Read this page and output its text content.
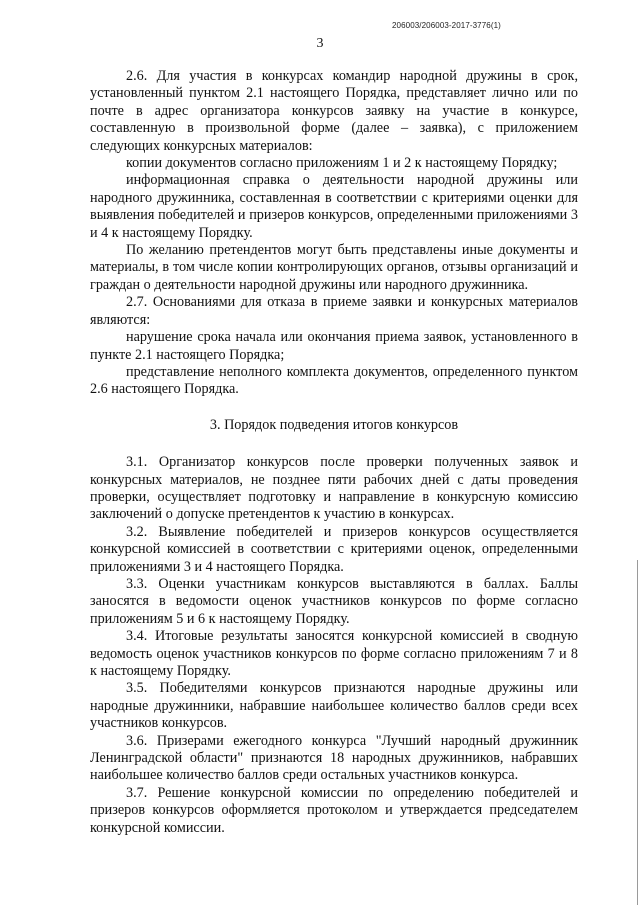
206003/206003-2017-3776(1)
3

2.6. Для участия в конкурсах командир народной дружины в срок, установленный пунктом 2.1 настоящего Порядка, представляет лично или по почте в адрес организатора конкурсов заявку на участие в конкурсе, составленную в произвольной форме (далее – заявка), с приложением следующих конкурсных материалов:

копии документов согласно приложениям 1 и 2 к настоящему Порядку;

информационная справка о деятельности народной дружины или народного дружинника, составленная в соответствии с критериями оценки для выявления победителей и призеров конкурсов, определенными приложениями 3 и 4 к настоящему Порядку.

По желанию претендентов могут быть представлены иные документы и материалы, в том числе копии контролирующих органов, отзывы организаций и граждан о деятельности народной дружины или народного дружинника.

2.7. Основаниями для отказа в приеме заявки и конкурсных материалов являются:

нарушение срока начала или окончания приема заявок, установленного в пункте 2.1 настоящего Порядка;

представление неполного комплекта документов, определенного пунктом 2.6 настоящего Порядка.

3. Порядок подведения итогов конкурсов

3.1. Организатор конкурсов после проверки полученных заявок и конкурсных материалов, не позднее пяти рабочих дней с даты проведения проверки, осуществляет подготовку и направление в конкурсную комиссию заключений о допуске претендентов к участию в конкурсах.

3.2. Выявление победителей и призеров конкурсов осуществляется конкурсной комиссией в соответствии с критериями оценок, определенными приложениями 3 и 4 настоящего Порядка.

3.3. Оценки участникам конкурсов выставляются в баллах. Баллы заносятся в ведомости оценок участников конкурсов по форме согласно приложениям 5 и 6 к настоящему Порядку.

3.4. Итоговые результаты заносятся конкурсной комиссией в сводную ведомость оценок участников конкурсов по форме согласно приложениям 7 и 8 к настоящему Порядку.

3.5. Победителями конкурсов признаются народные дружины или народные дружинники, набравшие наибольшее количество баллов среди всех участников конкурсов.

3.6. Призерами ежегодного конкурса "Лучший народный дружинник Ленинградской области" признаются 18 народных дружинников, набравших наибольшее количество баллов среди остальных участников конкурса.

3.7. Решение конкурсной комиссии по определению победителей и призеров конкурсов оформляется протоколом и утверждается председателем конкурсной комиссии.
